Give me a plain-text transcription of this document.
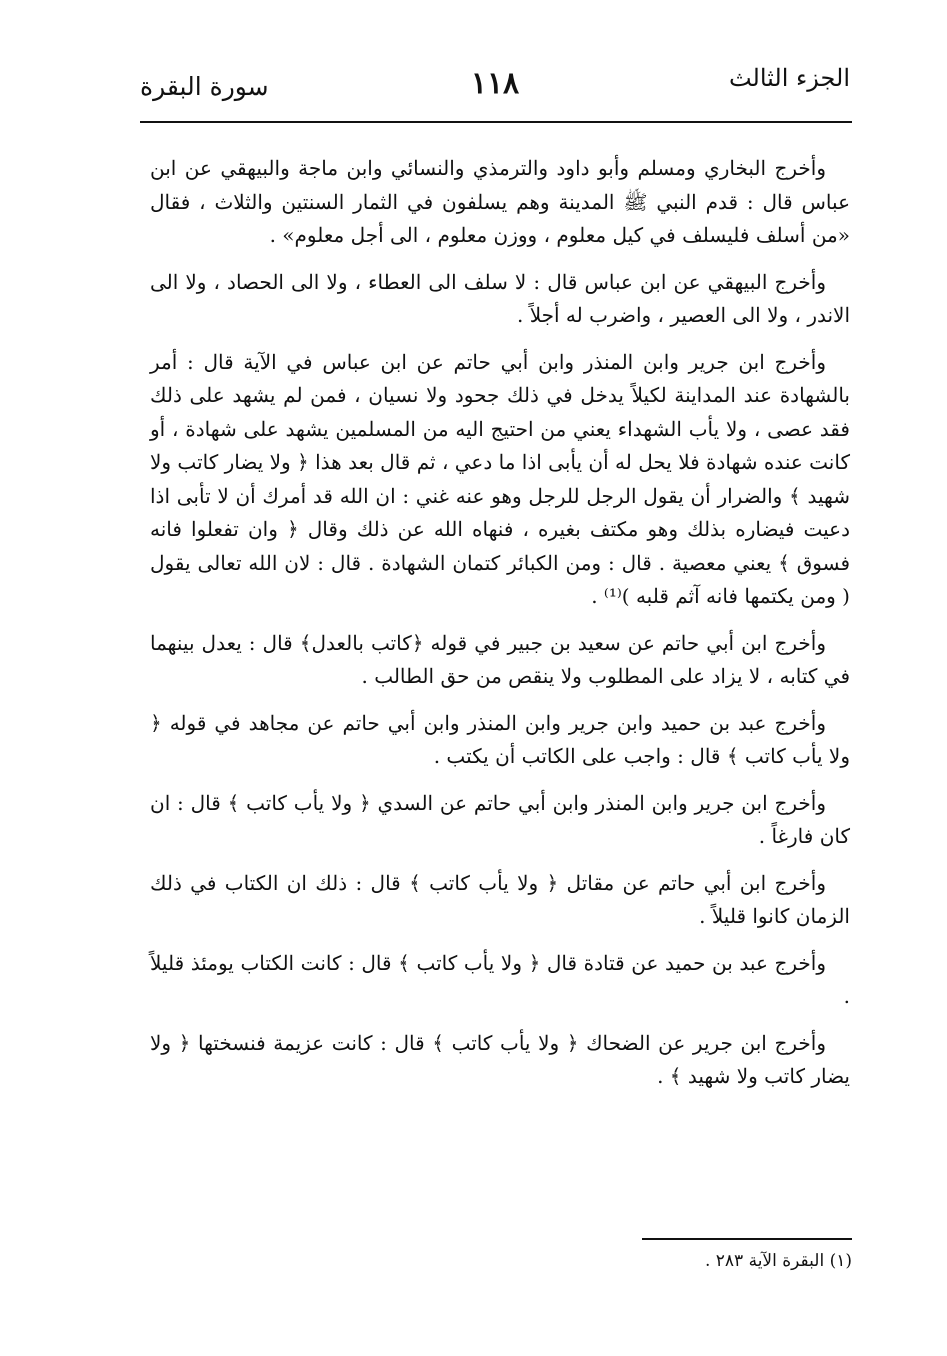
سورة البقرة	١١٨	الجزء الثالث

وأخرج البخاري ومسلم وأبو داود والترمذي والنسائي وابن ماجة والبيهقي عن ابن عباس قال : قدم النبي ﷺ المدينة وهم يسلفون في الثمار السنتين والثلاث ، فقال «من أسلف فليسلف في كيل معلوم ، ووزن معلوم ، الى أجل معلوم» .

وأخرج البيهقي عن ابن عباس قال : لا سلف الى العطاء ، ولا الى الحصاد ، ولا الى الاندر ، ولا الى العصير ، واضرب له أجلاً .

وأخرج ابن جرير وابن المنذر وابن أبي حاتم عن ابن عباس في الآية قال : أمر بالشهادة عند المداينة لكيلاً يدخل في ذلك جحود ولا نسيان ، فمن لم يشهد على ذلك فقد عصى ، ولا يأب الشهداء يعني من احتيج اليه من المسلمين يشهد على شهادة ، أو كانت عنده شهادة فلا يحل له أن يأبى اذا ما دعي ، ثم قال بعد هذا ﴿ ولا يضار كاتب ولا شهيد ﴾ والضرار أن يقول الرجل للرجل وهو عنه غني : ان الله قد أمرك أن لا تأبى اذا دعيت فيضاره بذلك وهو مكتف بغيره ، فنهاه الله عن ذلك وقال ﴿ وان تفعلوا فانه فسوق ﴾ يعني معصية . قال : ومن الكبائر كتمان الشهادة . قال : لان الله تعالى يقول ( ومن يكتمها فانه آثم قلبه )⁽¹⁾ .

وأخرج ابن أبي حاتم عن سعيد بن جبير في قوله ﴿كاتب بالعدل﴾ قال : يعدل بينهما في كتابه ، لا يزاد على المطلوب ولا ينقص من حق الطالب .

وأخرج عبد بن حميد وابن جرير وابن المنذر وابن أبي حاتم عن مجاهد في قوله ﴿ ولا يأب كاتب ﴾ قال : واجب على الكاتب أن يكتب .

وأخرج ابن جرير وابن المنذر وابن أبي حاتم عن السدي ﴿ ولا يأب كاتب ﴾ قال : ان كان فارغاً .

وأخرج ابن أبي حاتم عن مقاتل ﴿ ولا يأب كاتب ﴾ قال : ذلك ان الكتاب في ذلك الزمان كانوا قليلاً .

وأخرج عبد بن حميد عن قتادة قال ﴿ ولا يأب كاتب ﴾ قال : كانت الكتاب يومئذ قليلاً .

وأخرج ابن جرير عن الضحاك ﴿ ولا يأب كاتب ﴾ قال : كانت عزيمة فنسختها ﴿ ولا يضار كاتب ولا شهيد ﴾ .

(١) البقرة الآية ٢٨٣ .
